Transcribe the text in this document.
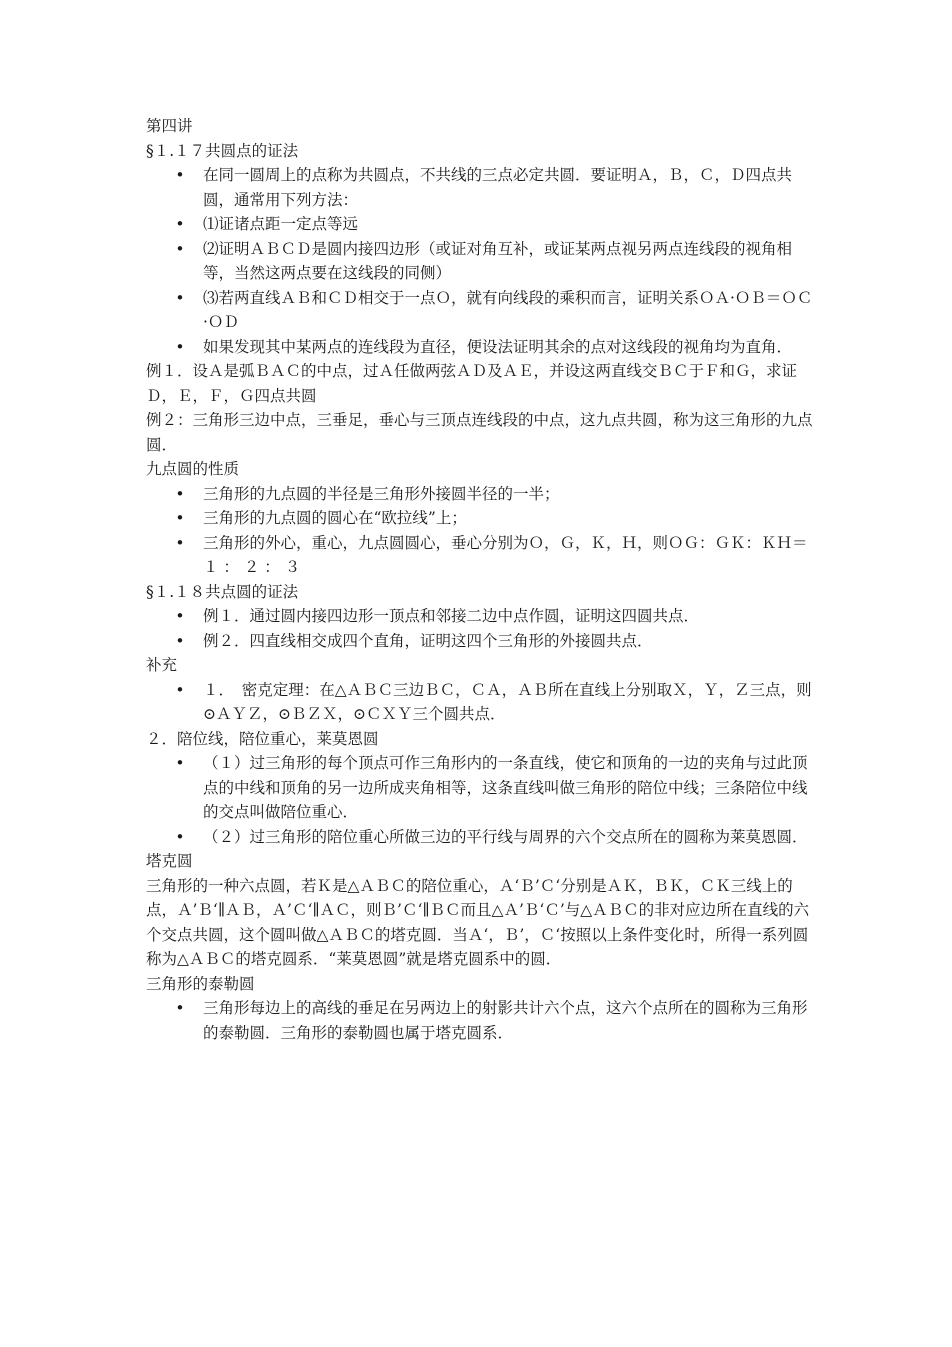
第四讲

§１.１７共圆点的证法

• 在同一圆周上的点称为共圆点，不共线的三点必定共圆．要证明Ａ，Ｂ，Ｃ，Ｄ四点共圆，通常用下列方法：
• ⑴证诸点距一定点等远
• ⑵证明ＡＢＣＤ是圆内接四边形（或证对角互补，或证某两点视另两点连线段的视角相等，当然这两点要在这线段的同侧）
• ⑶若两直线ＡＢ和ＣＤ相交于一点Ｏ，就有向线段的乘积而言，证明关系ＯＡ·ＯＢ＝ＯＣ·ＯＤ
• 如果发现其中某两点的连线段为直径，便设法证明其余的点对这线段的视角均为直角．

例１．设Ａ是弧ＢＡＣ的中点，过Ａ任做两弦ＡＤ及ＡＥ，并设这两直线交ＢＣ于Ｆ和Ｇ，求证Ｄ，Ｅ，Ｆ，Ｇ四点共圆

例２：三角形三边中点，三垂足，垂心与三顶点连线段的中点，这九点共圆，称为这三角形的九点圆．

九点圆的性质

• 三角形的九点圆的半径是三角形外接圆半径的一半；
• 三角形的九点圆的圆心在“欧拉线”上；
• 三角形的外心，重心，九点圆圆心，垂心分别为Ｏ，Ｇ，Ｋ，Ｈ，则ＯＧ：ＧＫ：ＫＨ＝１ ： ２ ： ３

§１.１８共点圆的证法

• 例１．通过圆内接四边形一顶点和邻接二边中点作圆，证明这四圆共点．
• 例２．四直线相交成四个直角，证明这四个三角形的外接圆共点．

补充

• １．　密克定理：在△ＡＢＣ三边ＢＣ，ＣＡ，ＡＢ所在直线上分别取Ｘ，Ｙ，Ｚ三点，则⊙ＡＹＺ，⊙ＢＺＸ，⊙ＣＸＹ三个圆共点．

２．陪位线，陪位重心，莱莫恩圆

• （１）过三角形的每个顶点可作三角形内的一条直线，使它和顶角的一边的夹角与过此顶点的中线和顶角的另一边所成夹角相等，这条直线叫做三角形的陪位中线；三条陪位中线的交点叫做陪位重心．
• （２）过三角形的陪位重心所做三边的平行线与周界的六个交点所在的圆称为莱莫恩圆．

塔克圆

三角形的一种六点圆，若Ｋ是△ＡＢＣ的陪位重心，Ａ‘Ｂ’Ｃ‘分别是ＡＫ，ＢＫ，ＣＫ三线上的点，Ａ’Ｂ‘∥ＡＢ，Ａ’Ｃ‘∥ＡＣ，则Ｂ’Ｃ‘∥ＢＣ而且△Ａ’Ｂ‘Ｃ’与△ＡＢＣ的非对应边所在直线的六个交点共圆，这个圆叫做△ＡＢＣ的塔克圆．当Ａ‘，Ｂ’，Ｃ‘按照以上条件变化时，所得一系列圆称为△ＡＢＣ的塔克圆系．“莱莫恩圆”就是塔克圆系中的圆．

三角形的泰勒圆

• 三角形每边上的高线的垂足在另两边上的射影共计六个点，这六个点所在的圆称为三角形的泰勒圆．三角形的泰勒圆也属于塔克圆系．
